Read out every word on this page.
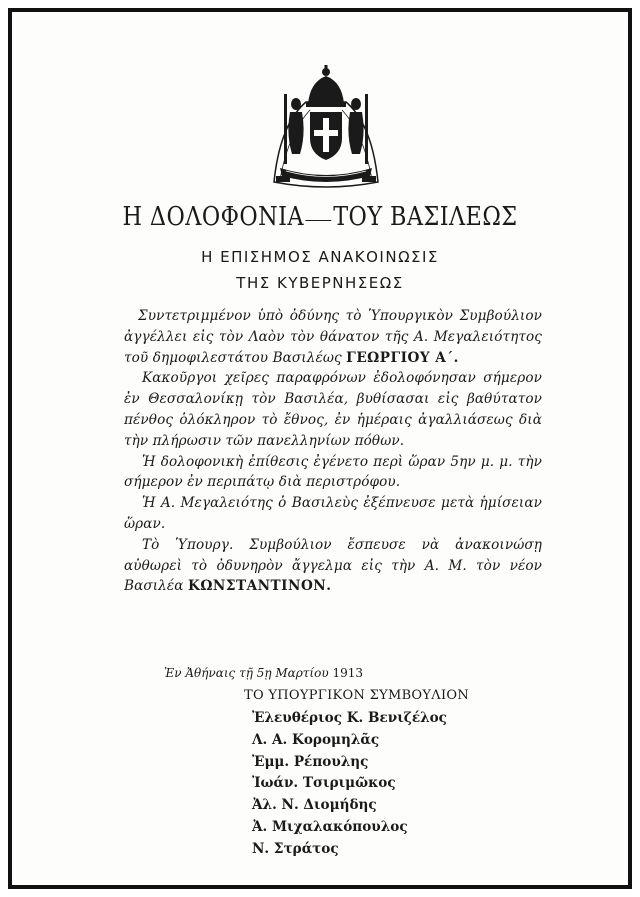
Η ΔΟΛΟΦΟΝΙΑ ΤΟΥ ΒΑΣΙΛΕΩΣ
Η ΕΠΙΣΗΜΟΣ ΑΝΑΚΟΙΝΩΣΙΣ
ΤΗΣ ΚΥΒΕΡΝΗΣΕΩΣ

Συντετριμμένον ὑπὸ ὀδύνης τὸ Ὑπουργικὸν Συμβούλιον ἀγγέλλει εἰς τὸν Λαὸν τὸν θάνατον τῆς Α. Μεγαλειότητος τοῦ δημοφιλεστάτου Βασιλέως ΓΕΩΡΓΙΟΥ Α΄.

Κακοῦργοι χεῖρες παραφρόνων ἐδολοφόνησαν σήμερον ἐν Θεσσαλονίκῃ τὸν Βασιλέα, βυθίσασαι εἰς βαθύτατον πένθος ὁλόκληρον τὸ ἔθνος, ἐν ἡμέραις ἀγαλλιάσεως διὰ τὴν πλήρωσιν τῶν πανελληνίων πόθων.

Ἡ δολοφονικὴ ἐπίθεσις ἐγένετο περὶ ὥραν 5ην μ. μ. τὴν σήμερον ἐν περιπάτῳ διὰ περιστρόφου.

Ἡ Α. Μεγαλειότης ὁ Βασιλεὺς ἐξέπνευσε μετὰ ἡμίσειαν ὥραν.

Τὸ Ὑπουργ. Συμβούλιον ἔσπευσε νὰ ἀνακοινώσῃ αὐθωρεὶ τὸ ὀδυνηρὸν ἄγγελμα εἰς τὴν Α. Μ. τὸν νέον Βασιλέα ΚΩΝΣΤΑΝΤΙΝΟΝ.

Ἐν Ἀθήναις τῇ 5ῃ Μαρτίου 1913
ΤΟ ΥΠΟΥΡΓΙΚΟΝ ΣΥΜΒΟΥΛΙΟΝ
Ἐλευθέριος Κ. Βενιζέλος
Λ. Α. Κορομηλᾶς
Ἐμμ. Ρέπουλης
Ἰωάν. Τσιριμῶκος
Ἀλ. Ν. Διομήδης
Ἀ. Μιχαλακόπουλος
Ν. Στράτος
